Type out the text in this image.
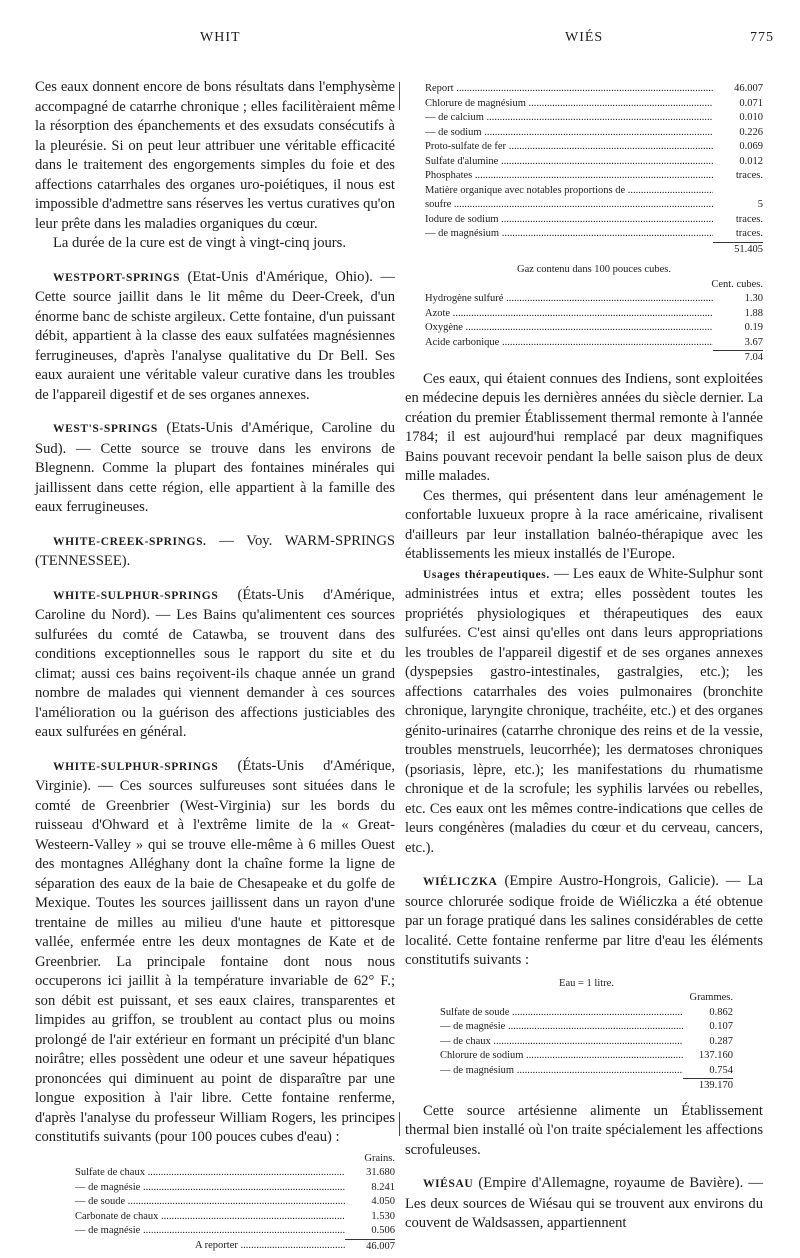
WHIT	WIÉS	775

Ces eaux donnent encore de bons résultats dans l'emphysème accompagné de catarrhe chronique ; elles facilitèraient même la résorption des épanchements et des exsudats consécutifs à la pleurésie. Si on peut leur attribuer une véritable efficacité dans le traitement des engorgements simples du foie et des affections catarrhales des organes uro-poiétiques, il nous est impossible d'admettre sans réserves les vertus curatives qu'on leur prête dans les maladies organiques du cœur.

La durée de la cure est de vingt à vingt-cinq jours.

WESTPORT-SPRINGS (Etat-Unis d'Amérique, Ohio). — Cette source jaillit dans le lit même du Deer-Creek, d'un énorme banc de schiste argileux. Cette fontaine, d'un puissant débit, appartient à la classe des eaux sulfatées magnésiennes ferrugineuses, d'après l'analyse qualitative du Dr Bell. Ses eaux auraient une véritable valeur curative dans les troubles de l'appareil digestif et de ses organes annexes.

WEST'S-SPRINGS (Etats-Unis d'Amérique, Caroline du Sud). — Cette source se trouve dans les environs de Blegnenn. Comme la plupart des fontaines minérales qui jaillissent dans cette région, elle appartient à la famille des eaux ferrugineuses.

WHITE-CREEK-SPRINGS. — Voy. WARM-SPRINGS (TENNESSEE).

WHITE-SULPHUR-SPRINGS (États-Unis d'Amérique, Caroline du Nord). — Les Bains qu'alimentent ces sources sulfurées du comté de Catawba, se trouvent dans des conditions exceptionnelles sous le rapport du site et du climat; aussi ces bains reçoivent-ils chaque année un grand nombre de malades qui viennent demander à ces sources l'amélioration ou la guérison des affections justiciables des eaux sulfurées en général.

WHITE-SULPHUR-SPRINGS (États-Unis d'Amérique, Virginie). — Ces sources sulfureuses sont situées dans le comté de Greenbrier (West-Virginia) sur les bords du ruisseau d'Ohward et à l'extrême limite de la « Great-Westeern-Valley » qui se trouve elle-même à 6 milles Ouest des montagnes Alléghany dont la chaîne forme la ligne de séparation des eaux de la baie de Chesapeake et du golfe de Mexique. Toutes les sources jaillissent dans un rayon d'une trentaine de milles au milieu d'une haute et pittoresque vallée, enfermée entre les deux montagnes de Kate et de Greenbrier. La principale fontaine dont nous nous occuperons ici jaillit à la température invariable de 62° F.; son débit est puissant, et ses eaux claires, transparentes et limpides au griffon, se troublent au contact plus ou moins prolongé de l'air extérieur en formant un précipité d'un blanc noirâtre; elles possèdent une odeur et une saveur hépatiques prononcées qui diminuent au point de disparaître par une longue exposition à l'air libre. Cette fontaine renferme, d'après l'analyse du professeur William Rogers, les principes constitutifs suivants (pour 100 pouces cubes d'eau) :

Grains.
Sulfate de chaux .....	31.680
— de magnésie .....	8.241
— de soude .....	4.050
Carbonate de chaux .....	1.530
— de magnésie .....	0.506
A reporter .....	46.007
Report .....	46.007
Chlorure de magnésium .....	0.071
— de calcium .....	0.010
— de sodium .....	0.226
Proto-sulfate de fer .....	0.069
Sulfate d'alumine .....	0.012
Phosphates .....	traces.
Matière organique avec notables proportions de .....
soufre .....	5
Iodure de sodium .....	traces.
— de magnésium .....	traces.
51.405
Gaz contenu dans 100 pouces cubes.
Cent. cubes.
Hydrogène sulfuré .....	1.30
Azote .....	1.88
Oxygène .....	0.19
Acide carbonique .....	3.67
7.04

Ces eaux, qui étaient connues des Indiens, sont exploitées en médecine depuis les dernières années du siècle dernier. La création du premier Établissement thermal remonte à l'année 1784; il est aujourd'hui remplacé par deux magnifiques Bains pouvant recevoir pendant la belle saison plus de deux mille malades.

Ces thermes, qui présentent dans leur aménagement le confortable luxueux propre à la race américaine, rivalisent d'ailleurs par leur installation balnéo-thérapique avec les établissements les mieux installés de l'Europe.

Usages thérapeutiques. — Les eaux de White-Sulphur sont administrées intus et extra; elles possèdent toutes les propriétés physiologiques et thérapeutiques des eaux sulfurées. C'est ainsi qu'elles ont dans leurs appropriations les troubles de l'appareil digestif et de ses organes annexes (dyspepsies gastro-intestinales, gastralgies, etc.); les affections catarrhales des voies pulmonaires (bronchite chronique, laryngite chronique, trachéite, etc.) et des organes génito-urinaires (catarrhe chronique des reins et de la vessie, troubles menstruels, leucorrhée); les dermatoses chroniques (psoriasis, lèpre, etc.); les manifestations du rhumatisme chronique et de la scrofule; les syphilis larvées ou rebelles, etc. Ces eaux ont les mêmes contre-indications que celles de leurs congénères (maladies du cœur et du cerveau, cancers, etc.).

WIÉLICZKA (Empire Austro-Hongrois, Galicie). — La source chlorurée sodique froide de Wiéliczka a été obtenue par un forage pratiqué dans les salines considérables de cette localité. Cette fontaine renferme par litre d'eau les éléments constitutifs suivants :

Eau = 1 litre.
Grammes.
Sulfate de soude .....	0.862
— de magnésie .....	0.107
— de chaux .....	0.287
Chlorure de sodium .....	137.160
— de magnésium .....	0.754
139.170

Cette source artésienne alimente un Établissement thermal bien installé où l'on traite spécialement les affections scrofuleuses.

WIÉSAU (Empire d'Allemagne, royaume de Bavière). — Les deux sources de Wiésau qui se trouvent aux environs du couvent de Waldsassen, appartiennent
